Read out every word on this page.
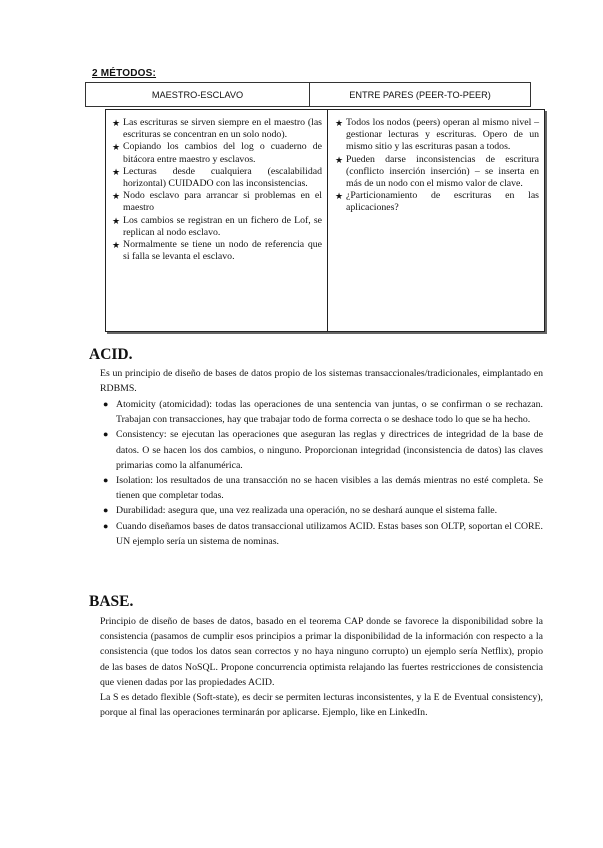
2 MÉTODOS:
MAESTRO-ESCLAVO	ENTRE PARES (PEER-TO-PEER)
★ Las escrituras se sirven siempre en el maestro (las escrituras se concentran en un solo nodo).
★ Copiando los cambios del log o cuaderno de bitácora entre maestro y esclavos.
★ Lecturas desde cualquiera (escalabilidad horizontal) CUIDADO con las inconsistencias.
★ Nodo esclavo para arrancar si problemas en el maestro
★ Los cambios se registran en un fichero de Lof, se replican al nodo esclavo.
★ Normalmente se tiene un nodo de referencia que si falla se levanta el esclavo.
★ Todos los nodos (peers) operan al mismo nivel – gestionar lecturas y escrituras. Opero de un mismo sitio y las escrituras pasan a todos.
★ Pueden darse inconsistencias de escritura (conflicto inserción inserción) – se inserta en más de un nodo con el mismo valor de clave.
★ ¿Particionamiento de escrituras en las aplicaciones?
ACID.
Es un principio de diseño de bases de datos propio de los sistemas transaccionales/tradicionales, eimplantado en RDBMS.
● Atomicity (atomicidad): todas las operaciones de una sentencia van juntas, o se confirman o se rechazan. Trabajan con transacciones, hay que trabajar todo de forma correcta o se deshace todo lo que se ha hecho.
● Consistency: se ejecutan las operaciones que aseguran las reglas y directrices de integridad de la base de datos. O se hacen los dos cambios, o ninguno. Proporcionan integridad (inconsistencia de datos) las claves primarias como la alfanumérica.
● Isolation: los resultados de una transacción no se hacen visibles a las demás mientras no esté completa. Se tienen que completar todas.
● Durabilidad: asegura que, una vez realizada una operación, no se deshará aunque el sistema falle.
● Cuando diseñamos bases de datos transaccional utilizamos ACID. Estas bases son OLTP, soportan el CORE. UN ejemplo sería un sistema de nominas.
BASE.

Principio de diseño de bases de datos, basado en el teorema CAP donde se favorece la disponibilidad sobre la consistencia (pasamos de cumplir esos principios a primar la disponibilidad de la información con respecto a la consistencia (que todos los datos sean correctos y no haya ninguno corrupto) un ejemplo sería Netflix), propio de las bases de datos NoSQL. Propone concurrencia optimista relajando las fuertes restricciones de consistencia que vienen dadas por las propiedades ACID.

La S es detado flexible (Soft-state), es decir se permiten lecturas inconsistentes, y la E de Eventual consistency), porque al final las operaciones terminarán por aplicarse. Ejemplo, like en LinkedIn.
